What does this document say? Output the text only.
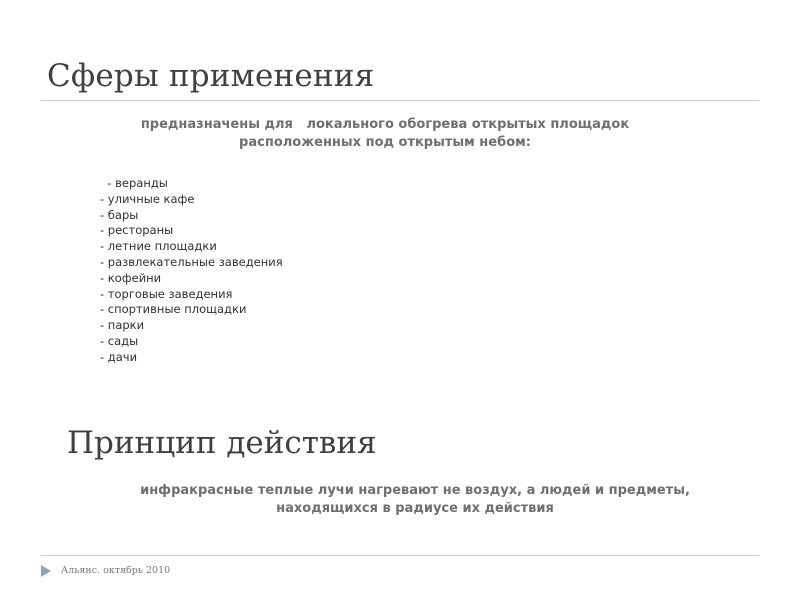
Сферы применения
предназначены для   локального обогрева открытых площадок
расположенных под открытым небом:
- веранды
- уличные кафе
- бары
- рестораны
- летние площадки
- развлекательные заведения
- кофейни
- торговые заведения
- спортивные площадки
- парки
- сады
- дачи
Принцип действия
инфракрасные теплые лучи нагревают не воздух, а людей и предметы, находящихся в радиусе их действия
Альянс. октябрь 2010
